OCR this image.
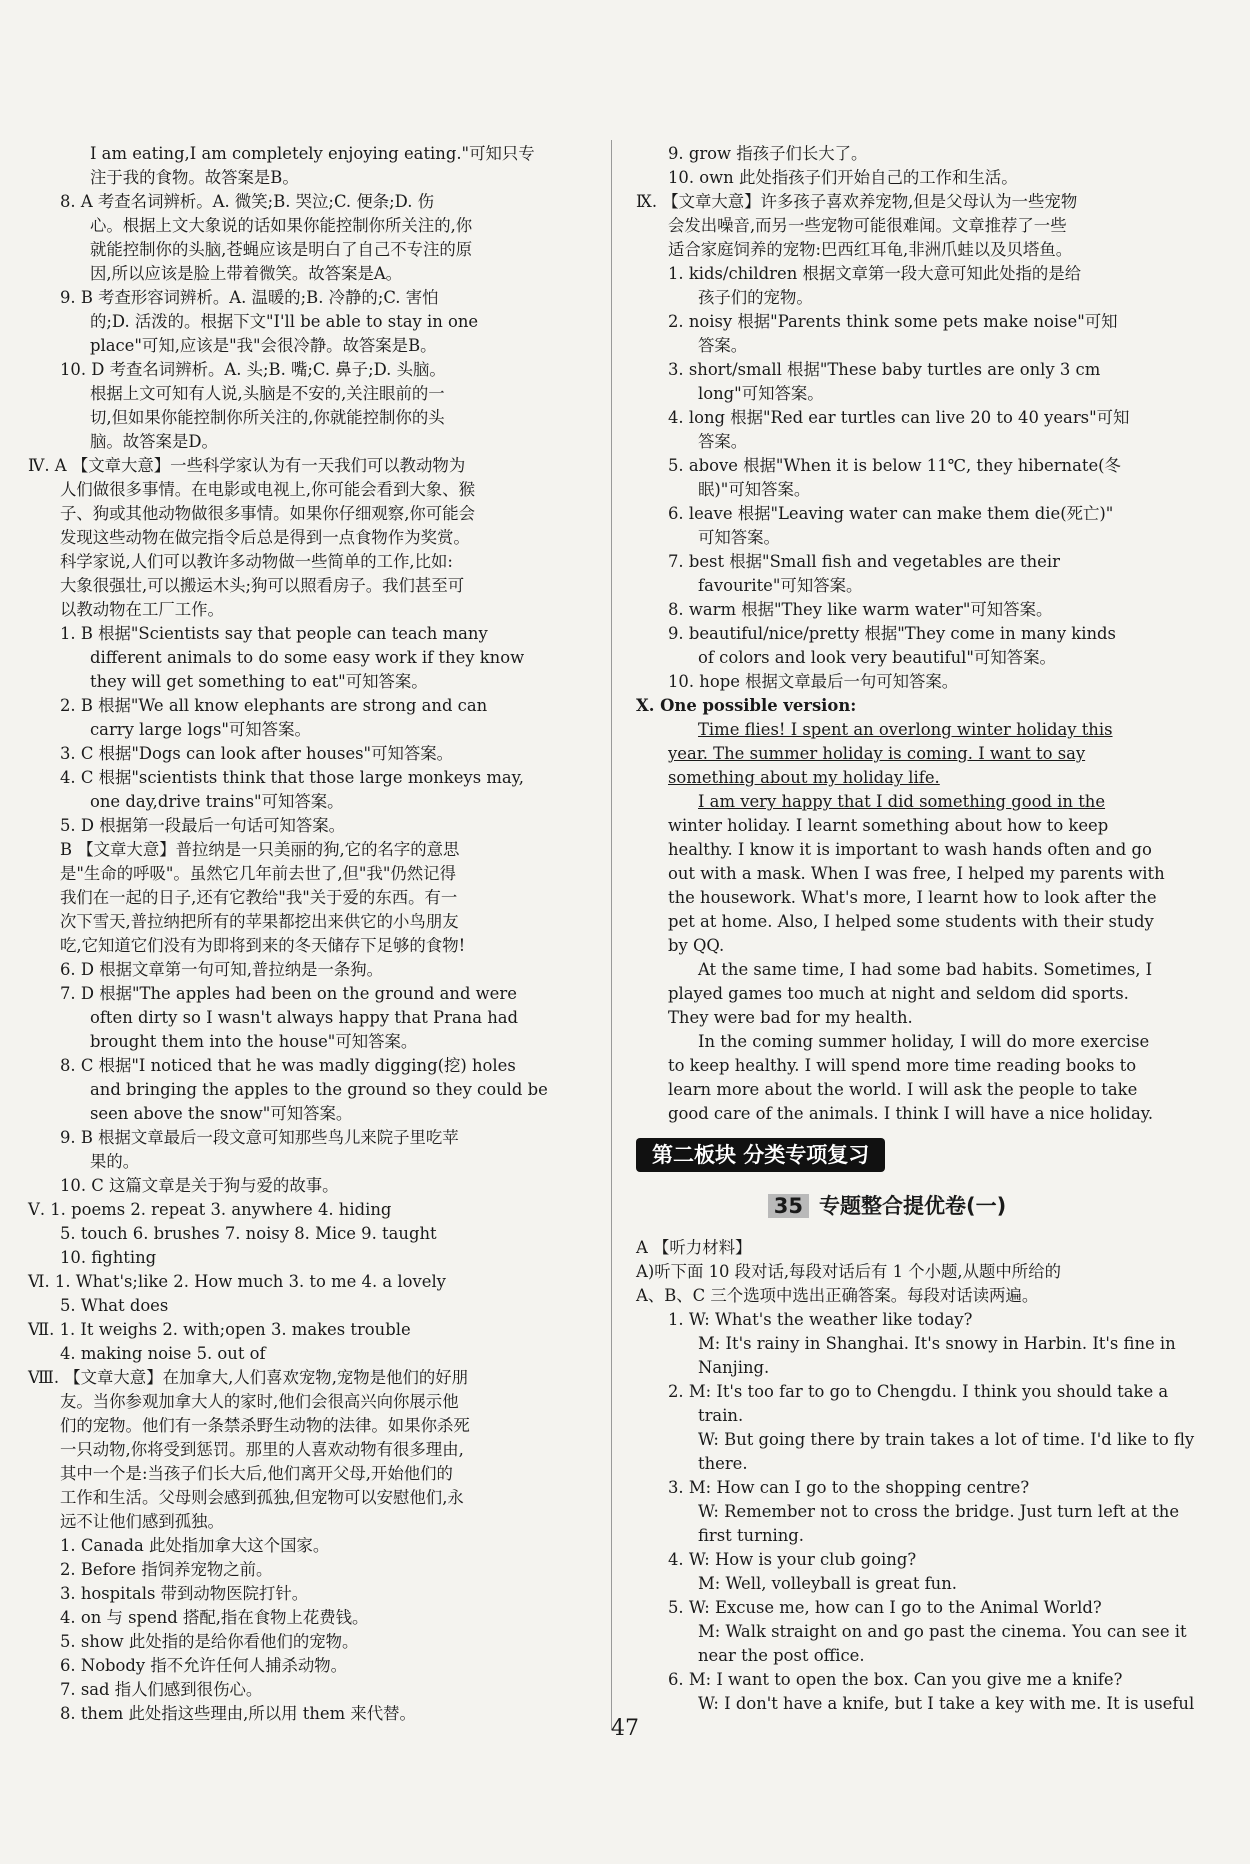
I am eating,I am completely enjoying eating."可知只专
注于我的食物。故答案是B。
8. A 考查名词辨析。A. 微笑;B. 哭泣;C. 便条;D. 伤
心。根据上文大象说的话如果你能控制你所关注的,你
就能控制你的头脑,苍蝇应该是明白了自己不专注的原
因,所以应该是脸上带着微笑。故答案是A。
9. B 考查形容词辨析。A. 温暖的;B. 冷静的;C. 害怕
的;D. 活泼的。根据下文"I'll be able to stay in one
place"可知,应该是"我"会很冷静。故答案是B。
10. D 考查名词辨析。A. 头;B. 嘴;C. 鼻子;D. 头脑。
根据上文可知有人说,头脑是不安的,关注眼前的一
切,但如果你能控制你所关注的,你就能控制你的头
脑。故答案是D。
Ⅳ. A 【文章大意】一些科学家认为有一天我们可以教动物为
人们做很多事情。在电影或电视上,你可能会看到大象、猴
子、狗或其他动物做很多事情。如果你仔细观察,你可能会
发现这些动物在做完指令后总是得到一点食物作为奖赏。
科学家说,人们可以教许多动物做一些简单的工作,比如:
大象很强壮,可以搬运木头;狗可以照看房子。我们甚至可
以教动物在工厂工作。
1. B 根据"Scientists say that people can teach many
different animals to do some easy work if they know
they will get something to eat"可知答案。
2. B 根据"We all know elephants are strong and can
carry large logs"可知答案。
3. C 根据"Dogs can look after houses"可知答案。
4. C 根据"scientists think that those large monkeys may,
one day,drive trains"可知答案。
5. D 根据第一段最后一句话可知答案。
B 【文章大意】普拉纳是一只美丽的狗,它的名字的意思
是"生命的呼吸"。虽然它几年前去世了,但"我"仍然记得
我们在一起的日子,还有它教给"我"关于爱的东西。有一
次下雪天,普拉纳把所有的苹果都挖出来供它的小鸟朋友
吃,它知道它们没有为即将到来的冬天储存下足够的食物!
6. D 根据文章第一句可知,普拉纳是一条狗。
7. D 根据"The apples had been on the ground and were
often dirty so I wasn't always happy that Prana had
brought them into the house"可知答案。
8. C 根据"I noticed that he was madly digging(挖) holes
and bringing the apples to the ground so they could be
seen above the snow"可知答案。
9. B 根据文章最后一段文意可知那些鸟儿来院子里吃苹
果的。
10. C 这篇文章是关于狗与爱的故事。
Ⅴ. 1. poems 2. repeat 3. anywhere 4. hiding
5. touch 6. brushes 7. noisy 8. Mice 9. taught
10. fighting
Ⅵ. 1. What's;like 2. How much 3. to me 4. a lovely
5. What does
Ⅶ. 1. It weighs 2. with;open 3. makes trouble
4. making noise 5. out of
Ⅷ. 【文章大意】在加拿大,人们喜欢宠物,宠物是他们的好朋
友。当你参观加拿大人的家时,他们会很高兴向你展示他
们的宠物。他们有一条禁杀野生动物的法律。如果你杀死
一只动物,你将受到惩罚。那里的人喜欢动物有很多理由,
其中一个是:当孩子们长大后,他们离开父母,开始他们的
工作和生活。父母则会感到孤独,但宠物可以安慰他们,永
远不让他们感到孤独。
1. Canada 此处指加拿大这个国家。
2. Before 指饲养宠物之前。
3. hospitals 带到动物医院打针。
4. on 与 spend 搭配,指在食物上花费钱。
5. show 此处指的是给你看他们的宠物。
6. Nobody 指不允许任何人捕杀动物。
7. sad 指人们感到很伤心。
8. them 此处指这些理由,所以用 them 来代替。
9. grow 指孩子们长大了。
10. own 此处指孩子们开始自己的工作和生活。
Ⅸ. 【文章大意】许多孩子喜欢养宠物,但是父母认为一些宠物
会发出噪音,而另一些宠物可能很难闻。文章推荐了一些
适合家庭饲养的宠物:巴西红耳龟,非洲爪蛙以及贝塔鱼。
1. kids/children 根据文章第一段大意可知此处指的是给
孩子们的宠物。
2. noisy 根据"Parents think some pets make noise"可知
答案。
3. short/small 根据"These baby turtles are only 3 cm
long"可知答案。
4. long 根据"Red ear turtles can live 20 to 40 years"可知
答案。
5. above 根据"When it is below 11℃, they hibernate(冬
眠)"可知答案。
6. leave 根据"Leaving water can make them die(死亡)"
可知答案。
7. best 根据"Small fish and vegetables are their
favourite"可知答案。
8. warm 根据"They like warm water"可知答案。
9. beautiful/nice/pretty 根据"They come in many kinds
of colors and look very beautiful"可知答案。
10. hope 根据文章最后一句可知答案。
Ⅹ. One possible version:
Time flies! I spent an overlong winter holiday this
year. The summer holiday is coming. I want to say
something about my holiday life.
I am very happy that I did something good in the
winter holiday. I learnt something about how to keep
healthy. I know it is important to wash hands often and go
out with a mask. When I was free, I helped my parents with
the housework. What's more, I learnt how to look after the
pet at home. Also, I helped some students with their study
by QQ.
At the same time, I had some bad habits. Sometimes, I
played games too much at night and seldom did sports.
They were bad for my health.
In the coming summer holiday, I will do more exercise
to keep healthy. I will spend more time reading books to
learn more about the world. I will ask the people to take
good care of the animals. I think I will have a nice holiday.
第二板块 分类专项复习
35 专题整合提优卷(一)
A 【听力材料】
A)听下面 10 段对话,每段对话后有 1 个小题,从题中所给的
A、B、C 三个选项中选出正确答案。每段对话读两遍。
1. W: What's the weather like today?
M: It's rainy in Shanghai. It's snowy in Harbin. It's fine in
Nanjing.
2. M: It's too far to go to Chengdu. I think you should take a
train.
W: But going there by train takes a lot of time. I'd like to fly
there.
3. M: How can I go to the shopping centre?
W: Remember not to cross the bridge. Just turn left at the
first turning.
4. W: How is your club going?
M: Well, volleyball is great fun.
5. W: Excuse me, how can I go to the Animal World?
M: Walk straight on and go past the cinema. You can see it
near the post office.
6. M: I want to open the box. Can you give me a knife?
W: I don't have a knife, but I take a key with me. It is useful
47
